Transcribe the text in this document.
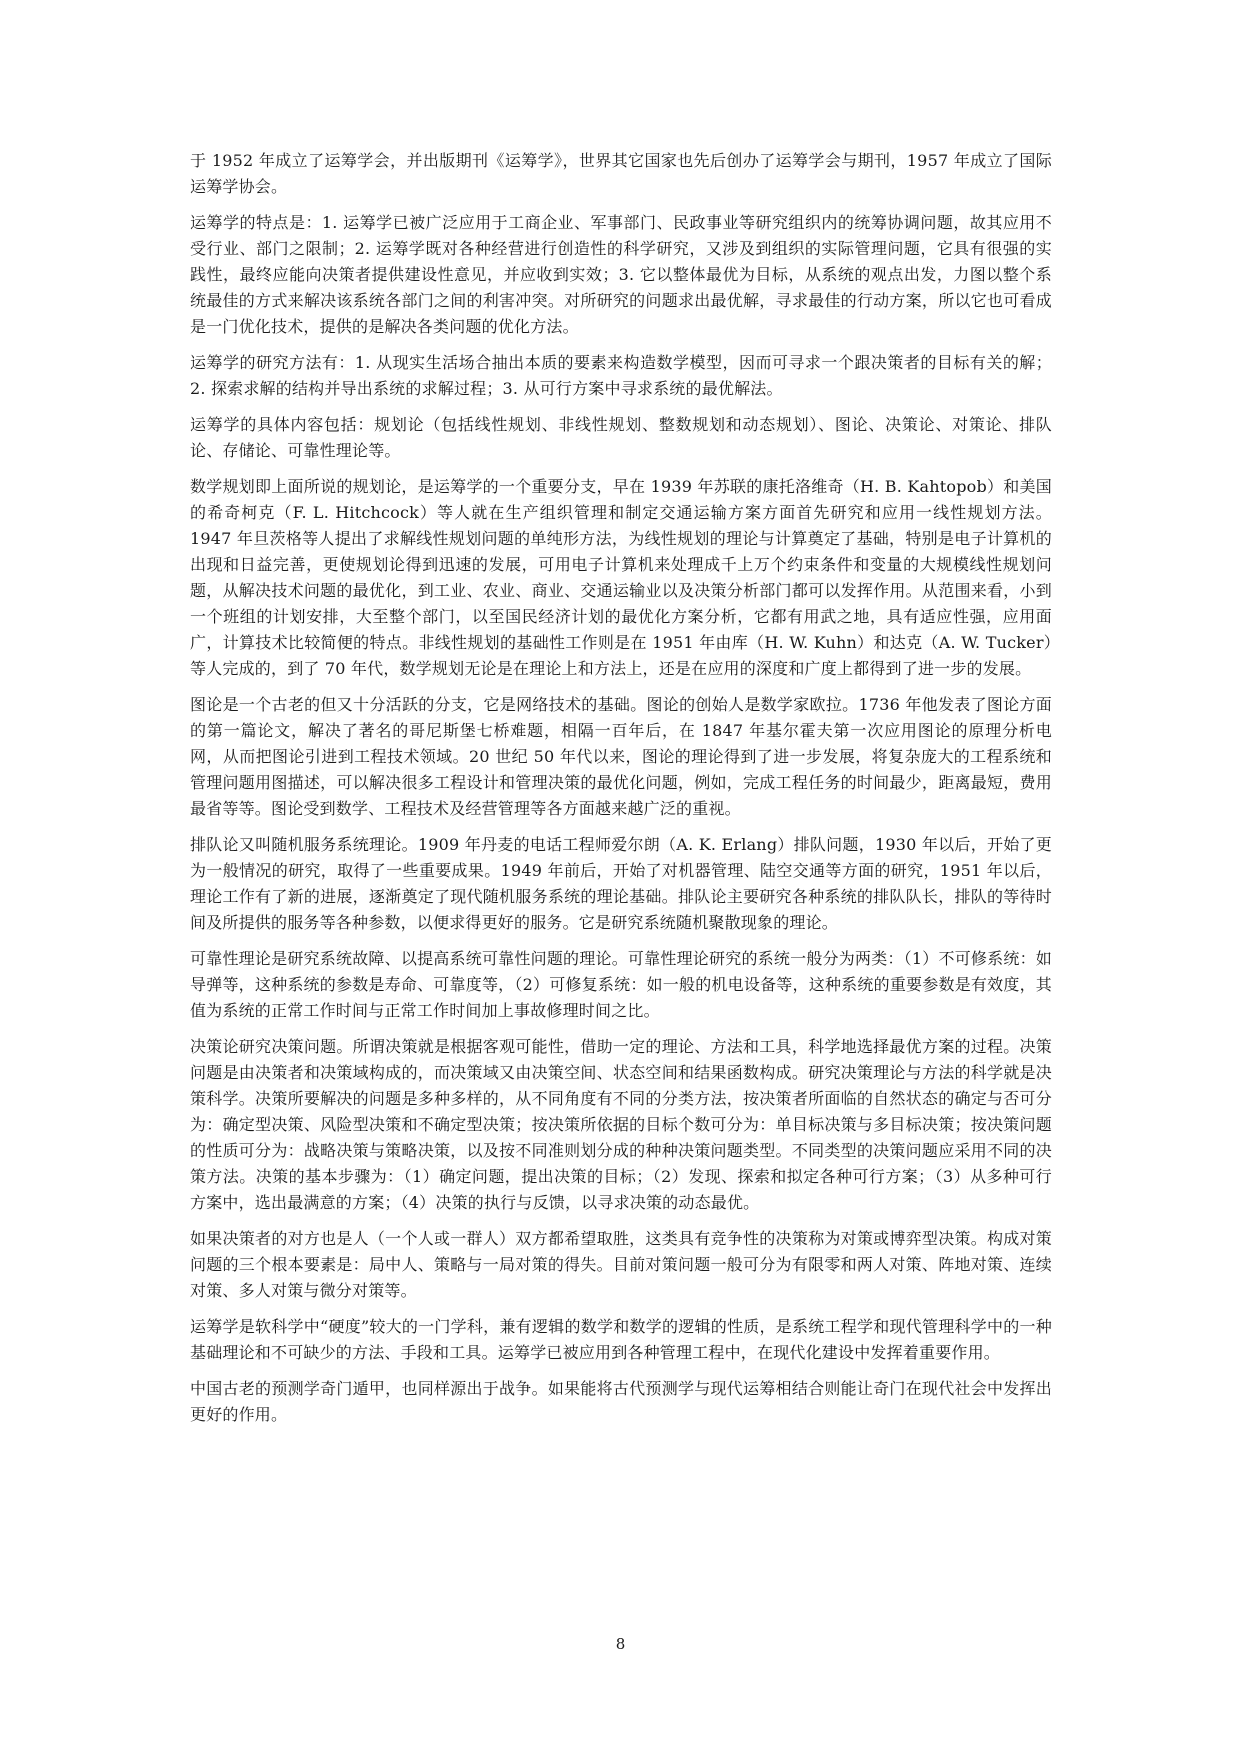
于 1952 年成立了运筹学会，并出版期刊《运筹学》，世界其它国家也先后创办了运筹学会与期刊，1957 年成立了国际运筹学协会。

运筹学的特点是：1. 运筹学已被广泛应用于工商企业、军事部门、民政事业等研究组织内的统筹协调问题，故其应用不受行业、部门之限制；2. 运筹学既对各种经营进行创造性的科学研究，又涉及到组织的实际管理问题，它具有很强的实践性，最终应能向决策者提供建设性意见，并应收到实效；3. 它以整体最优为目标，从系统的观点出发，力图以整个系统最佳的方式来解决该系统各部门之间的利害冲突。对所研究的问题求出最优解，寻求最佳的行动方案，所以它也可看成是一门优化技术，提供的是解决各类问题的优化方法。

运筹学的研究方法有：1. 从现实生活场合抽出本质的要素来构造数学模型，因而可寻求一个跟决策者的目标有关的解；2. 探索求解的结构并导出系统的求解过程；3. 从可行方案中寻求系统的最优解法。

运筹学的具体内容包括：规划论（包括线性规划、非线性规划、整数规划和动态规划）、图论、决策论、对策论、排队论、存储论、可靠性理论等。

数学规划即上面所说的规划论，是运筹学的一个重要分支，早在 1939 年苏联的康托洛维奇（H. B. Kahtopob）和美国的希奇柯克（F. L. Hitchcock）等人就在生产组织管理和制定交通运输方案方面首先研究和应用一线性规划方法。1947 年旦茨格等人提出了求解线性规划问题的单纯形方法，为线性规划的理论与计算奠定了基础，特别是电子计算机的出现和日益完善，更使规划论得到迅速的发展，可用电子计算机来处理成千上万个约束条件和变量的大规模线性规划问题，从解决技术问题的最优化，到工业、农业、商业、交通运输业以及决策分析部门都可以发挥作用。从范围来看，小到一个班组的计划安排，大至整个部门，以至国民经济计划的最优化方案分析，它都有用武之地，具有适应性强，应用面广，计算技术比较简便的特点。非线性规划的基础性工作则是在 1951 年由库（H. W. Kuhn）和达克（A. W. Tucker）等人完成的，到了 70 年代，数学规划无论是在理论上和方法上，还是在应用的深度和广度上都得到了进一步的发展。

图论是一个古老的但又十分活跃的分支，它是网络技术的基础。图论的创始人是数学家欧拉。1736 年他发表了图论方面的第一篇论文，解决了著名的哥尼斯堡七桥难题，相隔一百年后，在 1847 年基尔霍夫第一次应用图论的原理分析电网，从而把图论引进到工程技术领域。20 世纪 50 年代以来，图论的理论得到了进一步发展，将复杂庞大的工程系统和管理问题用图描述，可以解决很多工程设计和管理决策的最优化问题，例如，完成工程任务的时间最少，距离最短，费用最省等等。图论受到数学、工程技术及经营管理等各方面越来越广泛的重视。

排队论又叫随机服务系统理论。1909 年丹麦的电话工程师爱尔朗（A. K. Erlang）排队问题，1930 年以后，开始了更为一般情况的研究，取得了一些重要成果。1949 年前后，开始了对机器管理、陆空交通等方面的研究，1951 年以后，理论工作有了新的进展，逐渐奠定了现代随机服务系统的理论基础。排队论主要研究各种系统的排队队长，排队的等待时间及所提供的服务等各种参数，以便求得更好的服务。它是研究系统随机聚散现象的理论。

可靠性理论是研究系统故障、以提高系统可靠性问题的理论。可靠性理论研究的系统一般分为两类：（1）不可修系统：如导弹等，这种系统的参数是寿命、可靠度等，（2）可修复系统：如一般的机电设备等，这种系统的重要参数是有效度，其值为系统的正常工作时间与正常工作时间加上事故修理时间之比。

决策论研究决策问题。所谓决策就是根据客观可能性，借助一定的理论、方法和工具，科学地选择最优方案的过程。决策问题是由决策者和决策域构成的，而决策域又由决策空间、状态空间和结果函数构成。研究决策理论与方法的科学就是决策科学。决策所要解决的问题是多种多样的，从不同角度有不同的分类方法，按决策者所面临的自然状态的确定与否可分为：确定型决策、风险型决策和不确定型决策；按决策所依据的目标个数可分为：单目标决策与多目标决策；按决策问题的性质可分为：战略决策与策略决策，以及按不同准则划分成的种种决策问题类型。不同类型的决策问题应采用不同的决策方法。决策的基本步骤为：（1）确定问题，提出决策的目标；（2）发现、探索和拟定各种可行方案；（3）从多种可行方案中，选出最满意的方案；（4）决策的执行与反馈，以寻求决策的动态最优。

如果决策者的对方也是人（一个人或一群人）双方都希望取胜，这类具有竞争性的决策称为对策或博弈型决策。构成对策问题的三个根本要素是：局中人、策略与一局对策的得失。目前对策问题一般可分为有限零和两人对策、阵地对策、连续对策、多人对策与微分对策等。

运筹学是软科学中“硬度”较大的一门学科，兼有逻辑的数学和数学的逻辑的性质，是系统工程学和现代管理科学中的一种基础理论和不可缺少的方法、手段和工具。运筹学已被应用到各种管理工程中，在现代化建设中发挥着重要作用。

中国古老的预测学奇门遁甲，也同样源出于战争。如果能将古代预测学与现代运筹相结合则能让奇门在现代社会中发挥出更好的作用。

8
